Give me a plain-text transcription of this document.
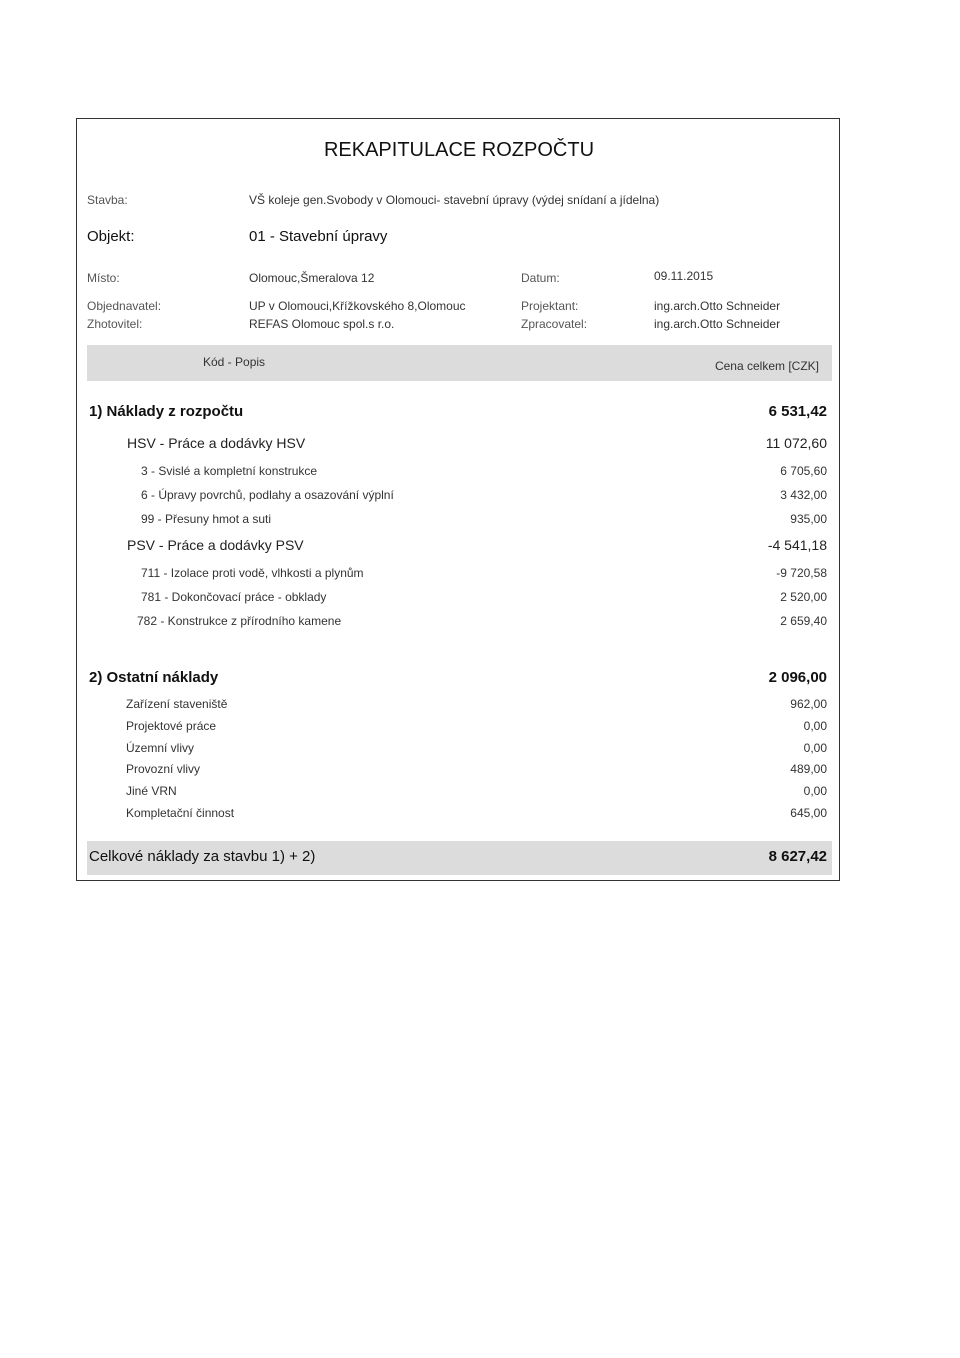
REKAPITULACE ROZPOČTU
Stavba:	VŠ koleje gen.Svobody v Olomouci- stavební úpravy (výdej snídaní a jídelna)
Objekt:	01 - Stavební úpravy
Místo:	Olomouc,Šmeralova 12	Datum:	09.11.2015
Objednavatel:	UP v Olomouci,Křížkovského 8,Olomouc	Projektant:	ing.arch.Otto Schneider
Zhotovitel:	REFAS Olomouc spol.s r.o.	Zpracovatel:	ing.arch.Otto Schneider
Kód - Popis	Cena celkem [CZK]
1) Náklady z rozpočtu	6 531,42
HSV - Práce a dodávky HSV	11 072,60
3 - Svislé a kompletní konstrukce	6 705,60
6 - Úpravy povrchů, podlahy a osazování výplní	3 432,00
99 - Přesuny hmot a suti	935,00
PSV - Práce a dodávky PSV	-4 541,18
711 - Izolace proti vodě, vlhkosti a plynům	-9 720,58
781 - Dokončovací práce - obklady	2 520,00
782 - Konstrukce z přírodního kamene	2 659,40
2) Ostatní náklady	2 096,00
Zařízení staveniště	962,00
Projektové práce	0,00
Územní vlivy	0,00
Provozní vlivy	489,00
Jiné VRN	0,00
Kompletační činnost	645,00
Celkové náklady za stavbu 1) + 2)	8 627,42
